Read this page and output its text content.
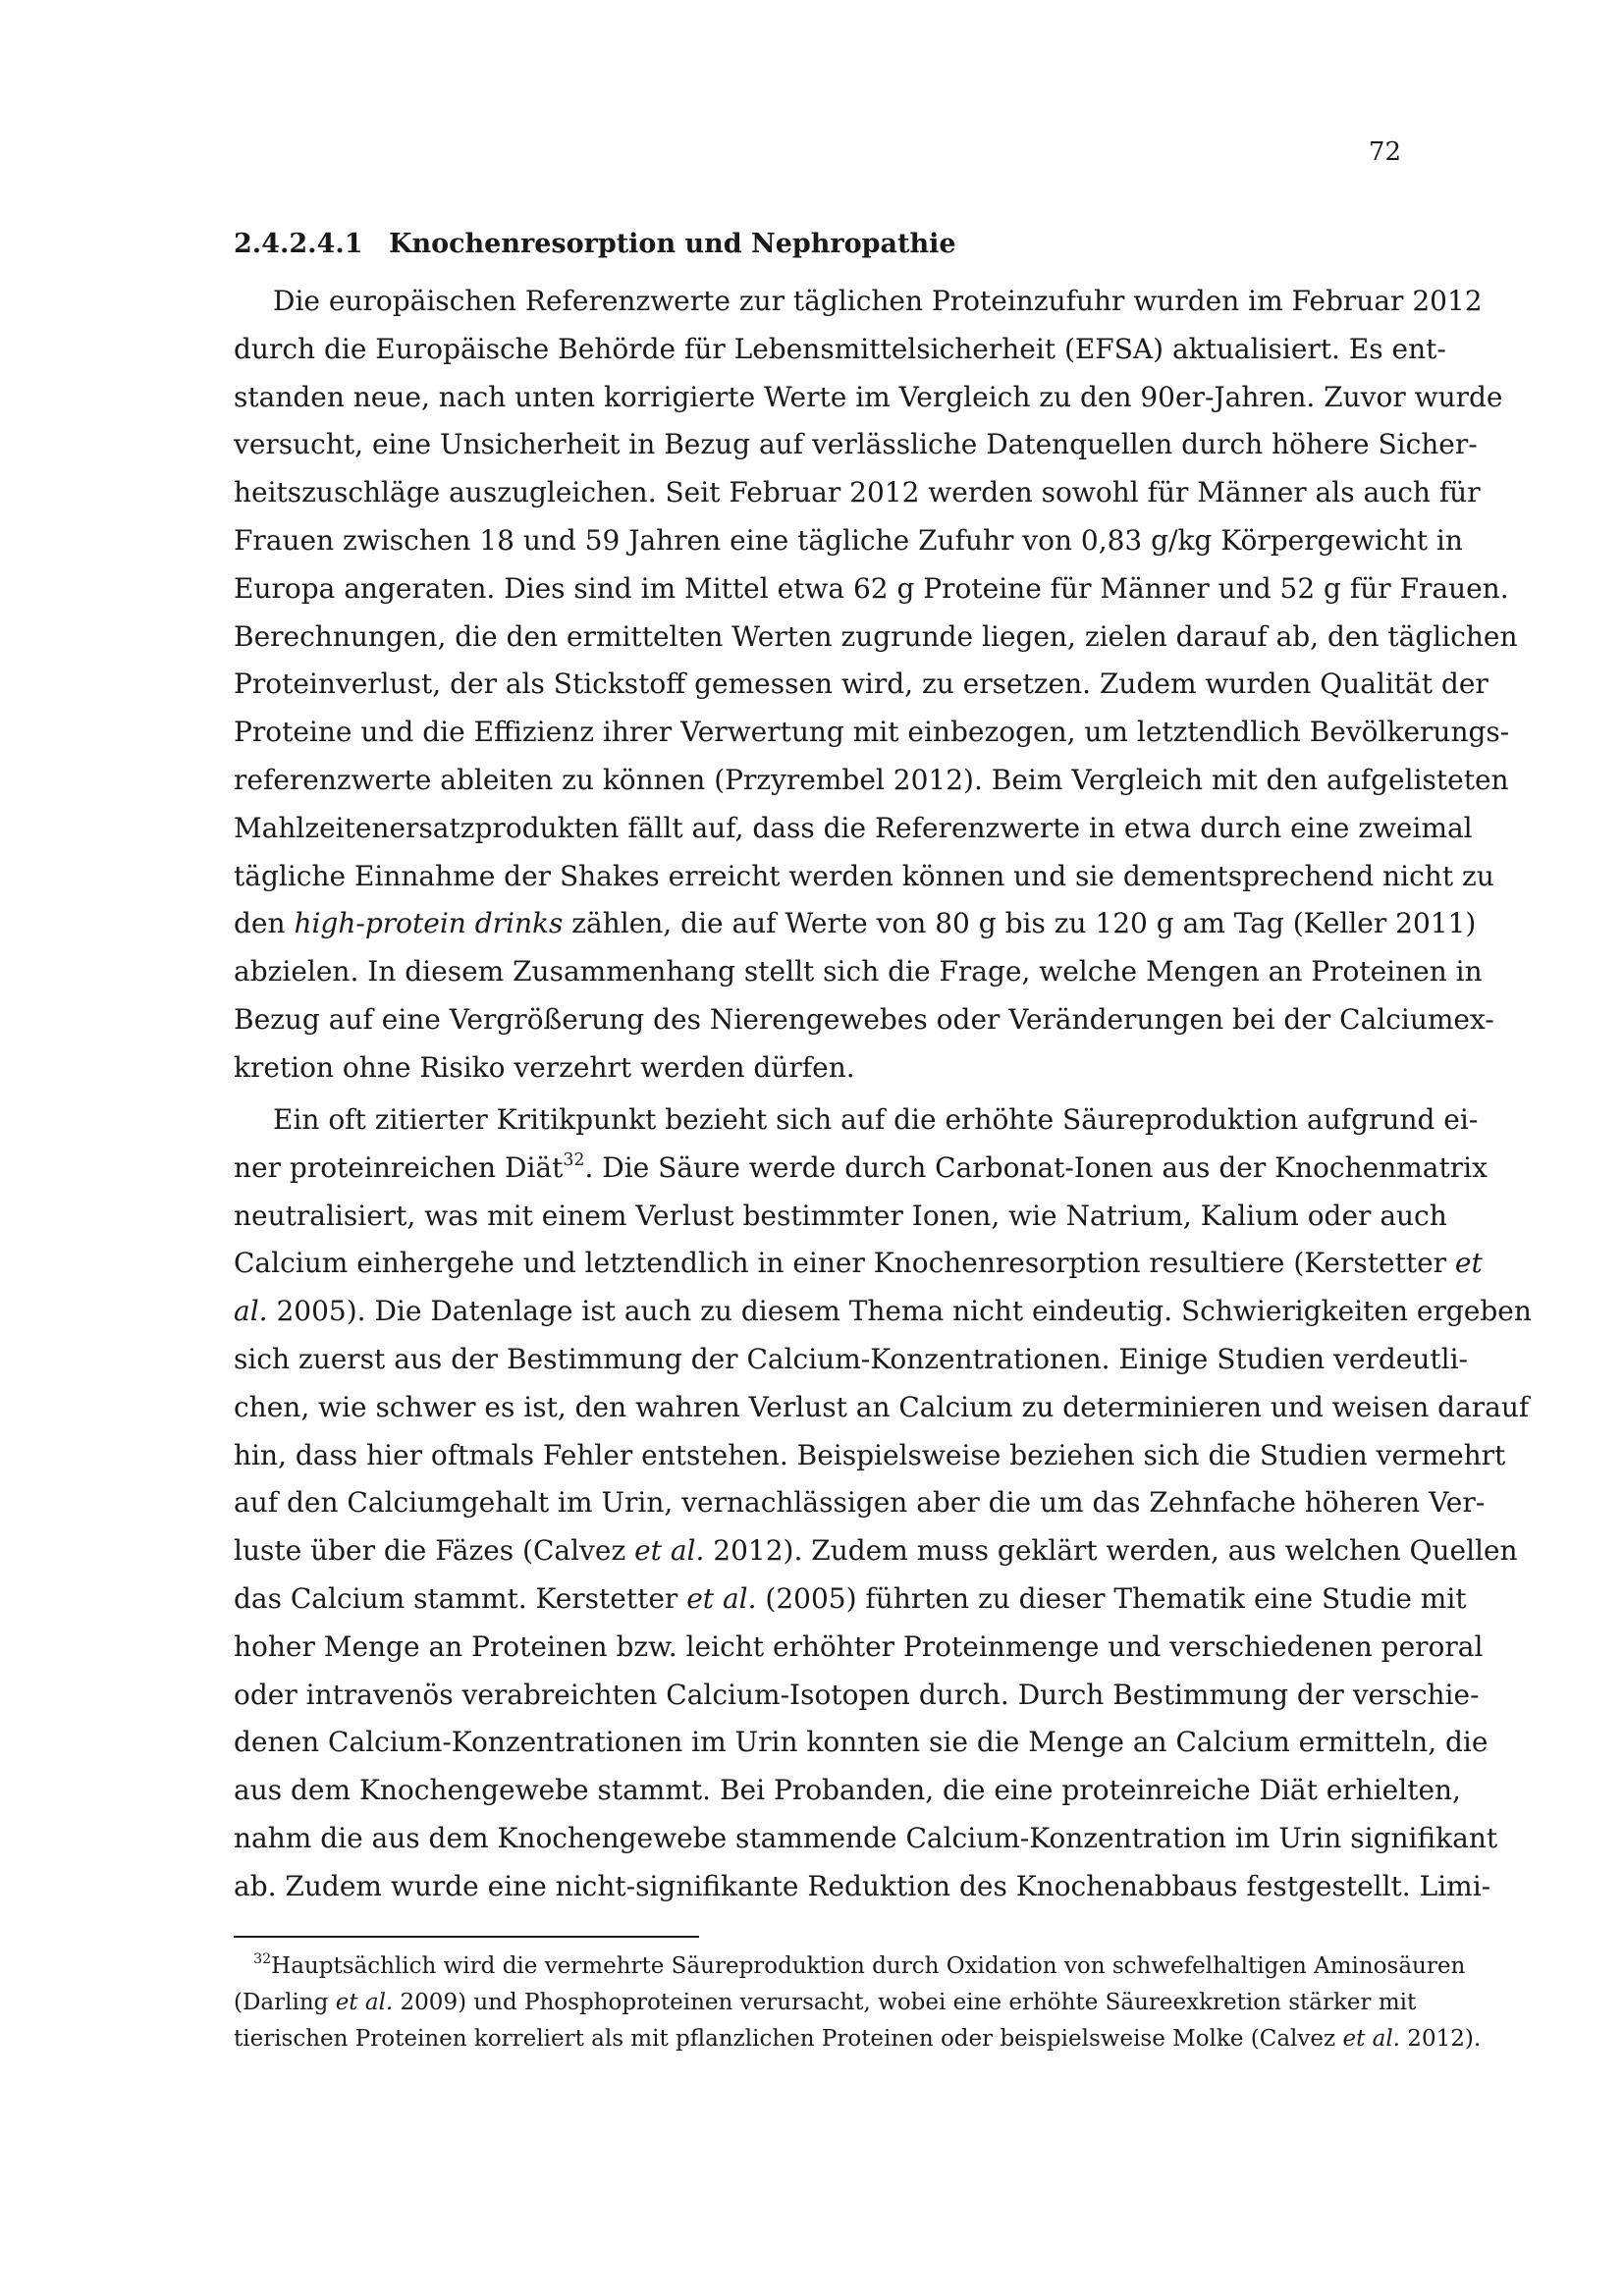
72
2.4.2.4.1 Knochenresorption und Nephropathie
Die europäischen Referenzwerte zur täglichen Proteinzufuhr wurden im Februar 2012
durch die Europäische Behörde für Lebensmittelsicherheit (EFSA) aktualisiert. Es ent-
standen neue, nach unten korrigierte Werte im Vergleich zu den 90er-Jahren. Zuvor wurde
versucht, eine Unsicherheit in Bezug auf verlässliche Datenquellen durch höhere Sicher-
heitszuschläge auszugleichen. Seit Februar 2012 werden sowohl für Männer als auch für
Frauen zwischen 18 und 59 Jahren eine tägliche Zufuhr von 0,83 g/kg Körpergewicht in
Europa angeraten. Dies sind im Mittel etwa 62 g Proteine für Männer und 52 g für Frauen.
Berechnungen, die den ermittelten Werten zugrunde liegen, zielen darauf ab, den täglichen
Proteinverlust, der als Stickstoff gemessen wird, zu ersetzen. Zudem wurden Qualität der
Proteine und die Effizienz ihrer Verwertung mit einbezogen, um letztendlich Bevölkerungs-
referenzwerte ableiten zu können (Przyrembel 2012). Beim Vergleich mit den aufgelisteten
Mahlzeitenersatzprodukten fällt auf, dass die Referenzwerte in etwa durch eine zweimal
tägliche Einnahme der Shakes erreicht werden können und sie dementsprechend nicht zu
den high-protein drinks zählen, die auf Werte von 80 g bis zu 120 g am Tag (Keller 2011)
abzielen. In diesem Zusammenhang stellt sich die Frage, welche Mengen an Proteinen in
Bezug auf eine Vergrößerung des Nierengewebes oder Veränderungen bei der Calciumex-
kretion ohne Risiko verzehrt werden dürfen.
Ein oft zitierter Kritikpunkt bezieht sich auf die erhöhte Säureproduktion aufgrund ei-
ner proteinreichen Diät$^{32}$. Die Säure werde durch Carbonat-Ionen aus der Knochenmatrix
neutralisiert, was mit einem Verlust bestimmter Ionen, wie Natrium, Kalium oder auch
Calcium einhergehe und letztendlich in einer Knochenresorption resultiere (Kerstetter et
al. 2005). Die Datenlage ist auch zu diesem Thema nicht eindeutig. Schwierigkeiten ergeben
sich zuerst aus der Bestimmung der Calcium-Konzentrationen. Einige Studien verdeutli-
chen, wie schwer es ist, den wahren Verlust an Calcium zu determinieren und weisen darauf
hin, dass hier oftmals Fehler entstehen. Beispielsweise beziehen sich die Studien vermehrt
auf den Calciumgehalt im Urin, vernachlässigen aber die um das Zehnfache höheren Ver-
luste über die Fäzes (Calvez et al. 2012). Zudem muss geklärt werden, aus welchen Quellen
das Calcium stammt. Kerstetter et al. (2005) führten zu dieser Thematik eine Studie mit
hoher Menge an Proteinen bzw. leicht erhöhter Proteinmenge und verschiedenen peroral
oder intravenös verabreichten Calcium-Isotopen durch. Durch Bestimmung der verschie-
denen Calcium-Konzentrationen im Urin konnten sie die Menge an Calcium ermitteln, die
aus dem Knochengewebe stammt. Bei Probanden, die eine proteinreiche Diät erhielten,
nahm die aus dem Knochengewebe stammende Calcium-Konzentration im Urin signifikant
ab. Zudem wurde eine nicht-signifikante Reduktion des Knochenabbaus festgestellt. Limi-
$^{32}$Hauptsächlich wird die vermehrte Säureproduktion durch Oxidation von schwefelhaltigen Aminosäuren
(Darling et al. 2009) und Phosphoproteinen verursacht, wobei eine erhöhte Säureexkretion stärker mit
tierischen Proteinen korreliert als mit pflanzlichen Proteinen oder beispielsweise Molke (Calvez et al. 2012).
